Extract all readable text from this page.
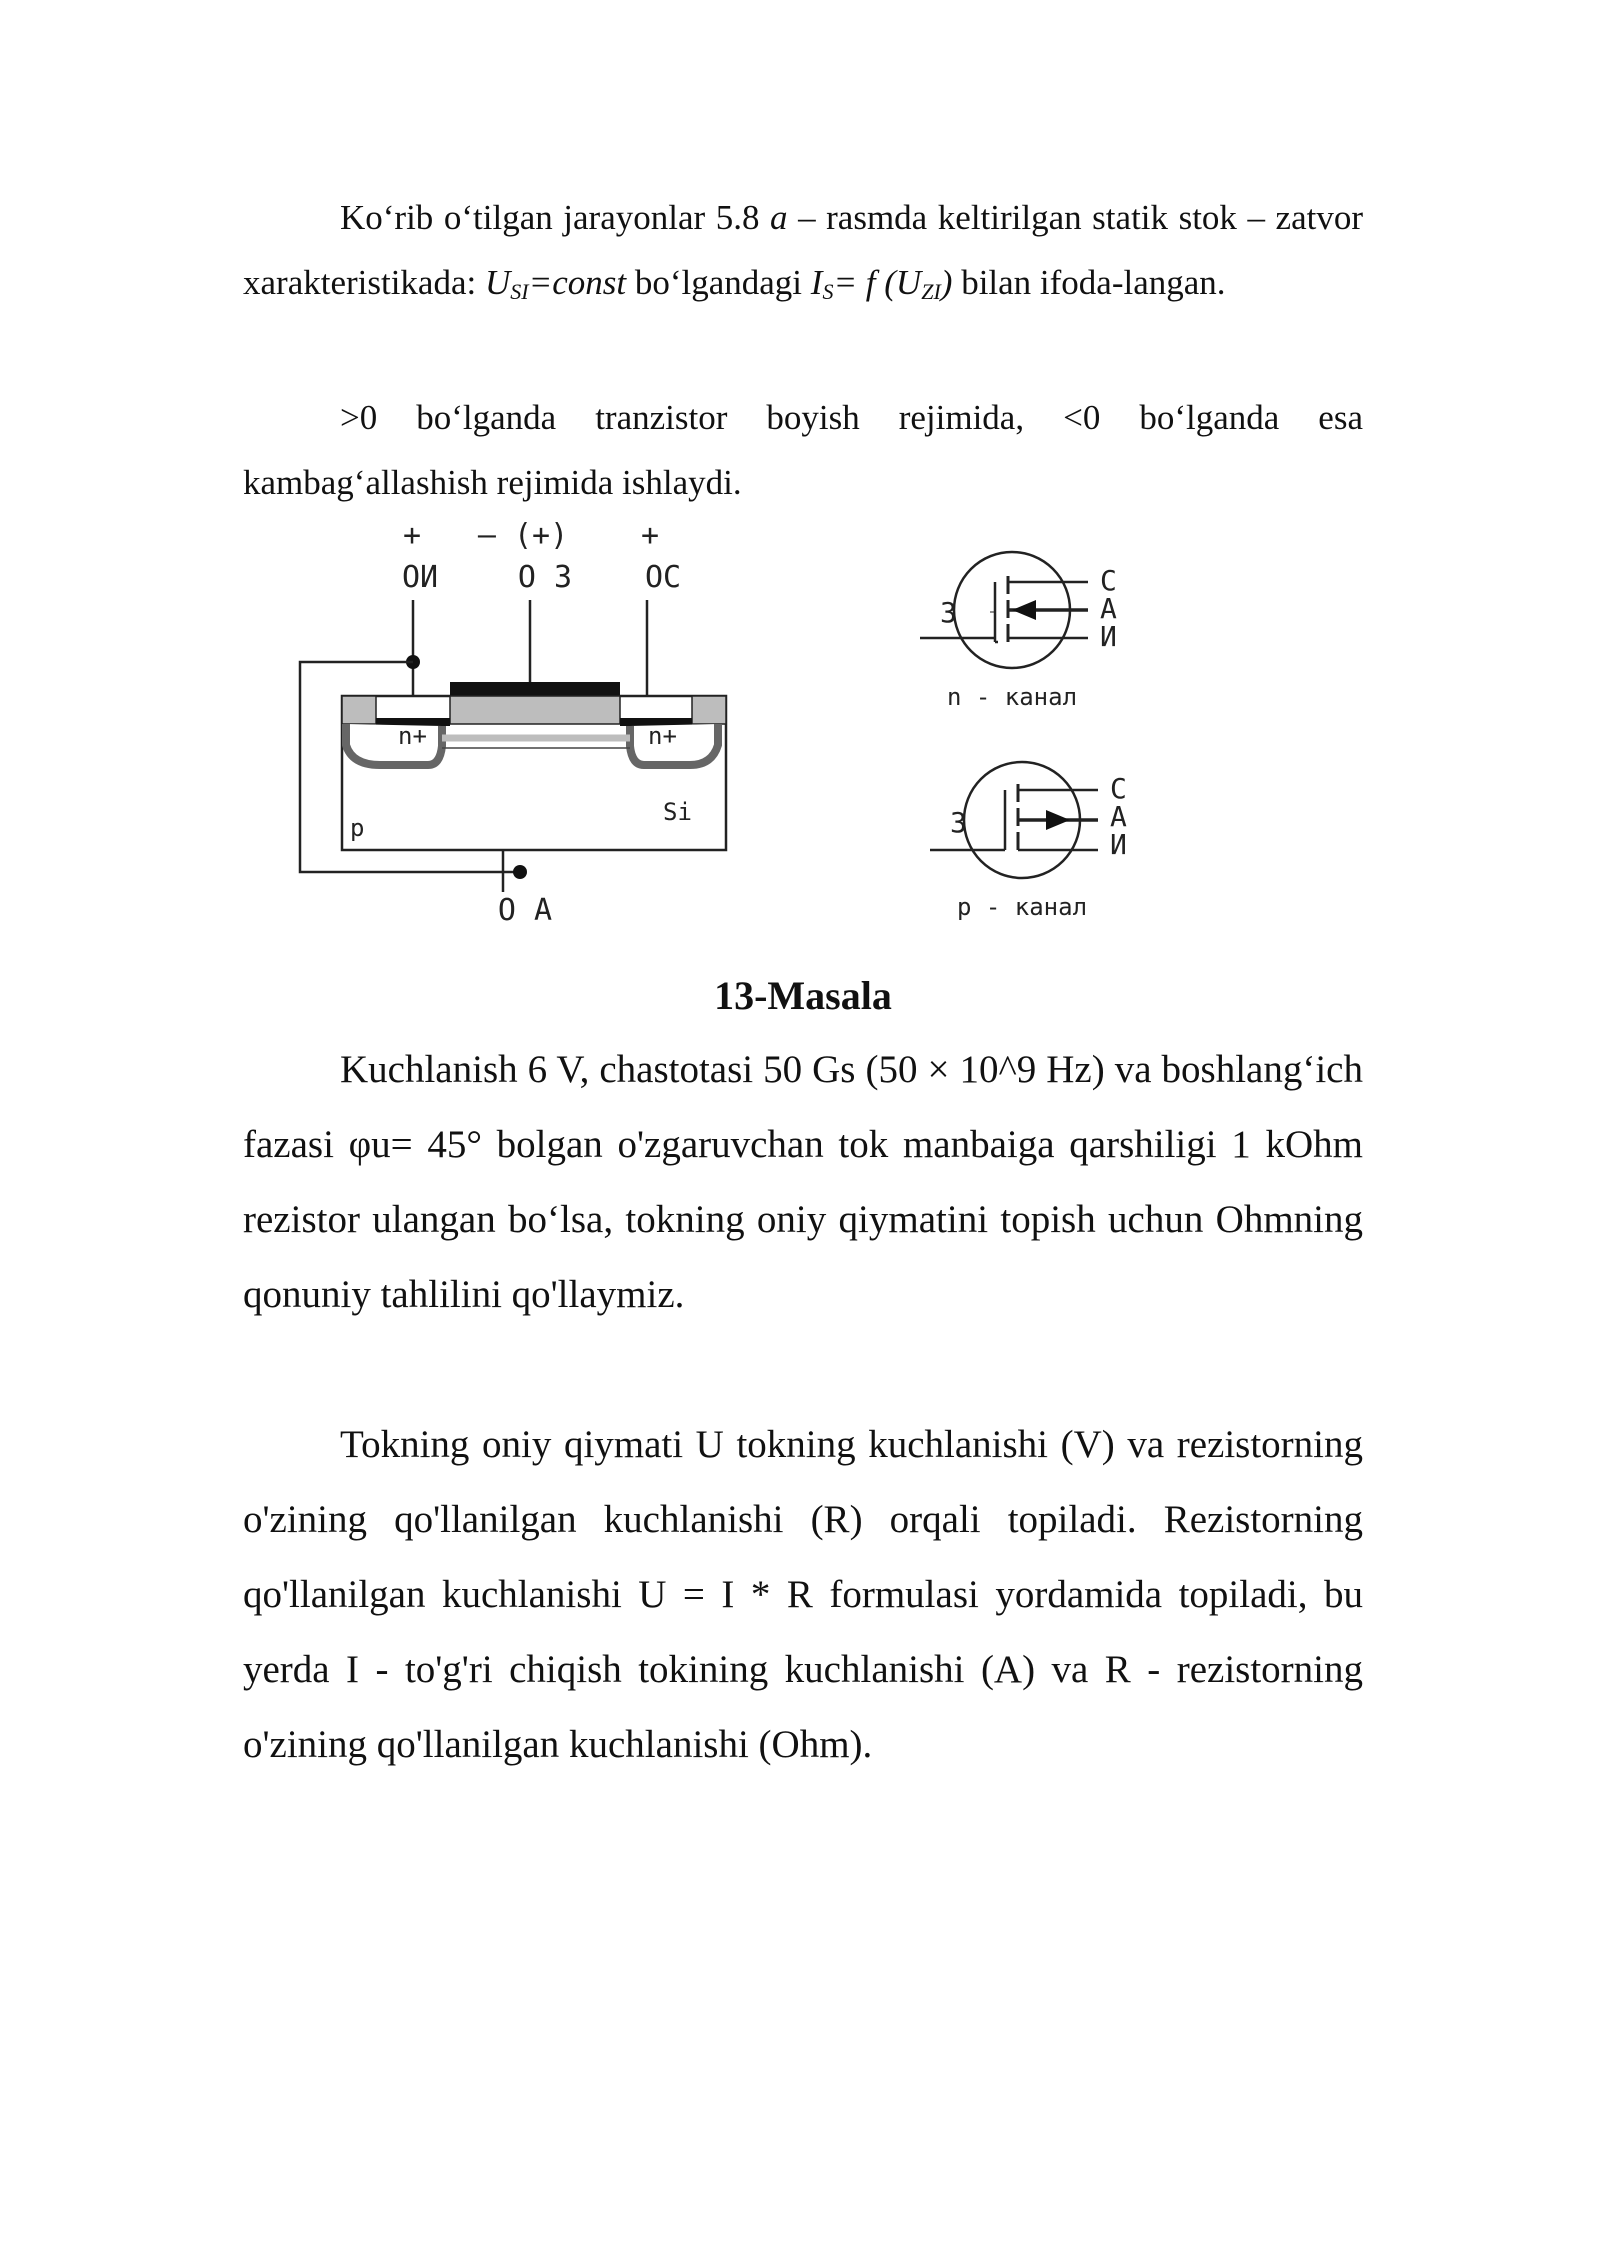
Ko‘rib o‘tilgan jarayonlar 5.8 a – rasmda keltirilgan statik stok – zatvor xarakteristikada: $U_{SI}=const$ bo‘lgandagi $I_S= f$ $(U_{ZI})$ bilan ifoda-langan.

>0 bo‘lganda tranzistor boyish rejimida, <0 bo‘lganda esa kambag‘allashish rejimida ishlaydi.

+ – (+) +
ОИ	О З ОС
n+	n+
p
Si
О А
З
С
А
И
n - канал
З
С
А
И
p - канал
13-Masala

Kuchlanish 6 V, chastotasi 50 Gs (50 × 10^9 Hz) va boshlang‘ich fazasi φu= 45° bolgan o'zgaruvchan tok manbaiga qarshiligi 1 kOhm rezistor ulangan bo‘lsa, tokning oniy qiymatini topish uchun Ohmning qonuniy tahlilini qo'llaymiz.

Tokning oniy qiymati U tokning kuchlanishi (V) va rezistorning o'zining qo'llanilgan kuchlanishi (R) orqali topiladi. Rezistorning qo'llanilgan kuchlanishi U = I * R formulasi yordamida topiladi, bu yerda I - to'g'ri chiqish tokining kuchlanishi (A) va R - rezistorning o'zining qo'llanilgan kuchlanishi (Ohm).
